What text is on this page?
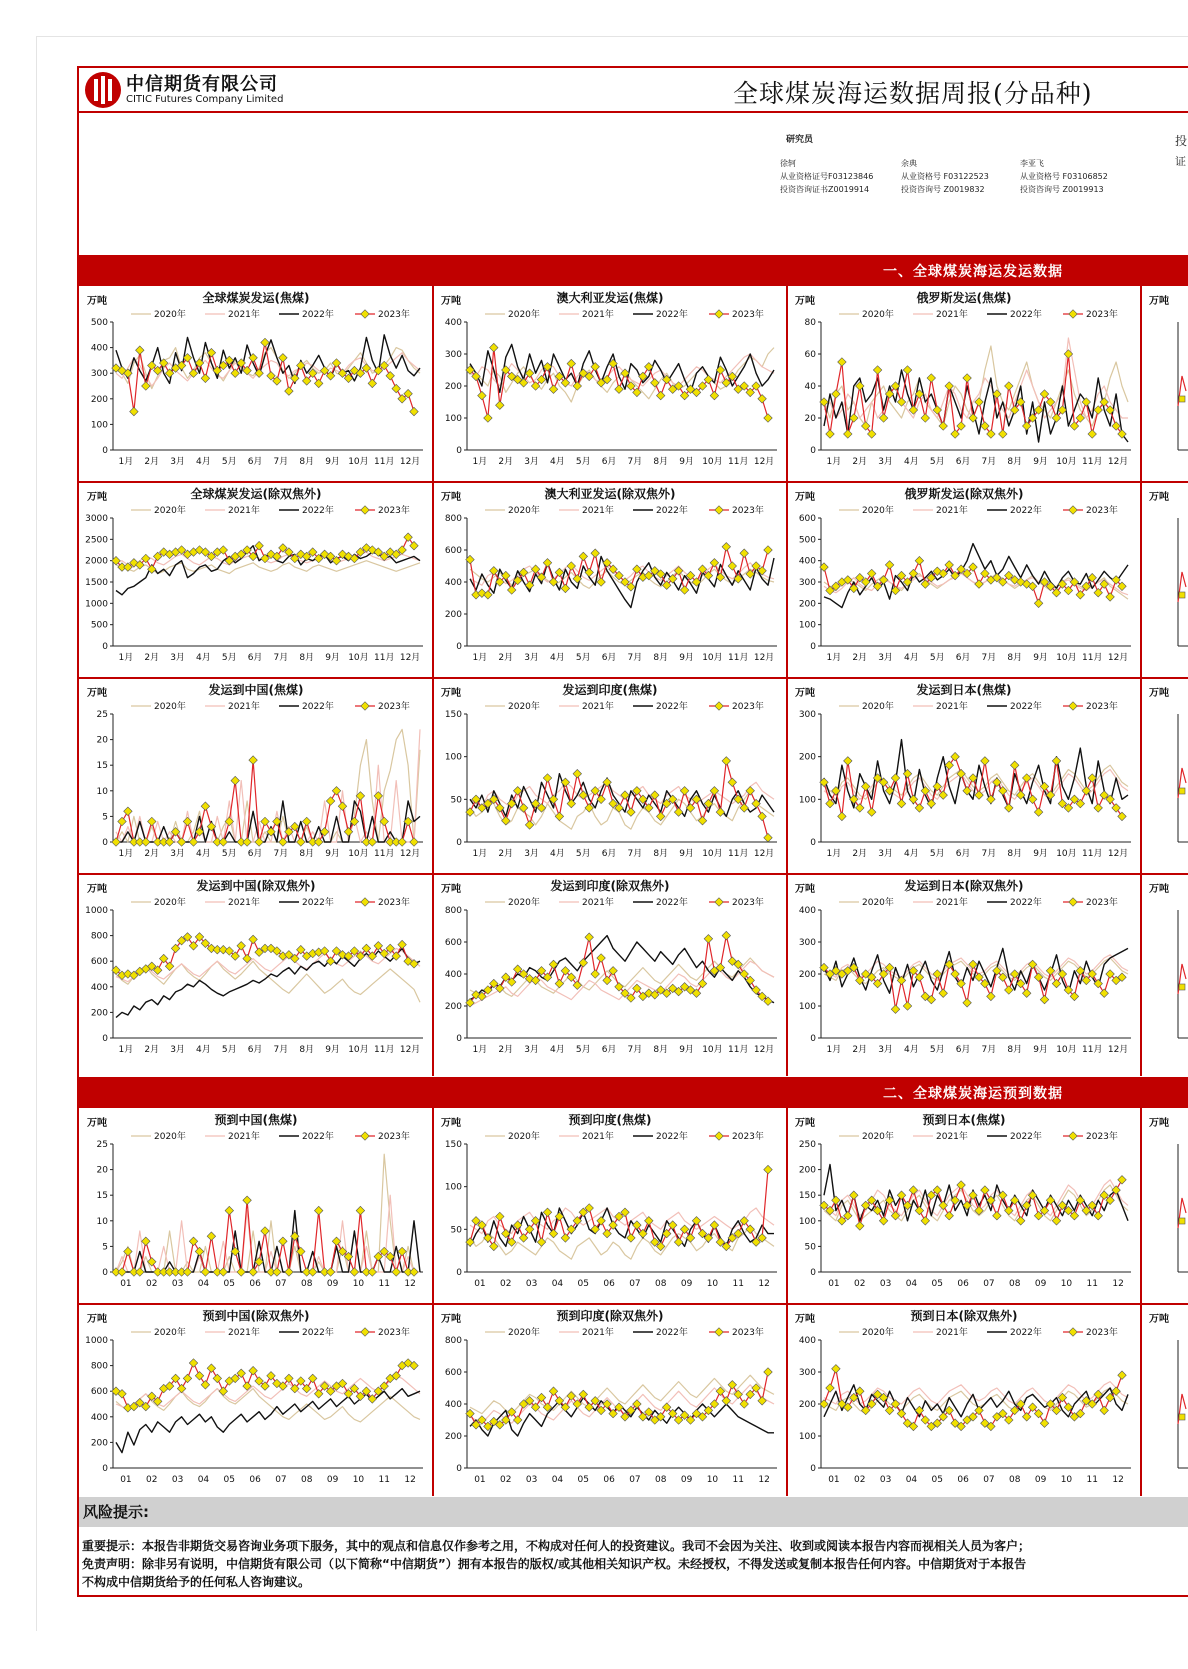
中信期货有限公司
CITIC Futures Company Limited	全球煤炭海运数据周报(分品种)
研究员
徐轲
从业资格证号F03123846
投资咨询证书Z0019914
余典
从业资格号 F03122523
投资咨询号 Z0019832
李亚飞
从业资格号 F03106852
投资咨询号 Z0019913
投
证
一、全球煤炭海运发运数据
二、全球煤炭海运预到数据
万吨
2020年	2021年	2022年	2023年
0
100
200
300
400
500
1月 2月 3月 4月 5月 6月 7月 8月 9月 10月 11月 12月
万吨
2020年	2021年	2022年	2023年
0
100
200
300
400
1月 2月 3月 4月 5月 6月 7月 8月 9月 10月 11月 12月
万吨
2020年	2021年	2022年	2023年
0
20
40
60
80
1月 2月 3月 4月 5月 6月 7月 8月 9月 10月 11月 12月
万吨
2020年	2021年	2022年	2023年
0
500
1000
1500
2000
2500
3000
1月 2月 3月 4月 5月 6月 7月 8月 9月 10月 11月 12月
万吨
2020年	2021年	2022年	2023年
0
200
400
600
800
1月 2月 3月 4月 5月 6月 7月 8月 9月 10月 11月 12月
万吨
2020年	2021年	2022年	2023年
0
100
200
300
400
500
600
1月 2月 3月 4月 5月 6月 7月 8月 9月 10月 11月 12月
万吨
2020年	2021年	2022年	2023年
0
5
10
15
20
25
1月 2月 3月 4月 5月 6月 7月 8月 9月 10月 11月 12月
万吨
2020年	2021年	2022年	2023年
0
50
100
150
1月 2月 3月 4月 5月 6月 7月 8月 9月 10月 11月 12月
万吨
2020年	2021年	2022年	2023年
0
100
200
300
1月 2月 3月 4月 5月 6月 7月 8月 9月 10月 11月 12月
万吨
2020年	2021年	2022年	2023年
0
200
400
600
800
1000
1月 2月 3月 4月 5月 6月 7月 8月 9月 10月 11月 12月
万吨
2020年	2021年	2022年	2023年
0
200
400
600
800
1月 2月 3月 4月 5月 6月 7月 8月 9月 10月 11月 12月
万吨
2020年	2021年	2022年	2023年
0
100
200
300
400
1月 2月 3月 4月 5月 6月 7月 8月 9月 10月 11月 12月
万吨
2020年	2021年	2022年	2023年
0
5
10
15
20
25
01 02 03 04 05 06 07 08 09 10 11 12
万吨
2020年	2021年	2022年	2023年
0
50
100
150
01 02 03 04 05 06 07 08 09 10 11 12
万吨
2020年	2021年	2022年	2023年
0
50
100
150
200
250
01 02 03 04 05 06 07 08 09 10 11 12
万吨
2020年	2021年	2022年	2023年
0
200
400
600
800
1000
01 02 03 04 05 06 07 08 09 10 11 12
万吨
2020年	2021年	2022年	2023年
0
200
400
600
800
01 02 03 04 05 06 07 08 09 10 11 12
万吨
2020年	2021年	2022年	2023年
0
100
200
300
400
01 02 03 04 05 06 07 08 09 10 11 12
万吨
万吨
万吨
万吨
万吨
万吨
风险提示:
重要提示：本报告非期货交易咨询业务项下服务，其中的观点和信息仅作参考之用，不构成对任何人的投资建议。我司不会因为关注、收到或阅读本报告内容而视相关人员为客户；
免责声明：除非另有说明，中信期货有限公司（以下简称“中信期货”）拥有本报告的版权/或其他相关知识产权。未经授权，不得发送或复制本报告任何内容。中信期货对于本报告
不构成中信期货给予的任何私人咨询建议。
全球煤炭发运(焦煤)	澳大利亚发运(焦煤)	俄罗斯发运(焦煤)
全球煤炭发运(除双焦外)	澳大利亚发运(除双焦外)	俄罗斯发运(除双焦外)
发运到中国(焦煤)	发运到印度(焦煤)	发运到日本(焦煤)
发运到中国(除双焦外)	发运到印度(除双焦外)	发运到日本(除双焦外)
预到中国(焦煤)	预到印度(焦煤)	预到日本(焦煤)
预到中国(除双焦外)	预到印度(除双焦外)	预到日本(除双焦外)
